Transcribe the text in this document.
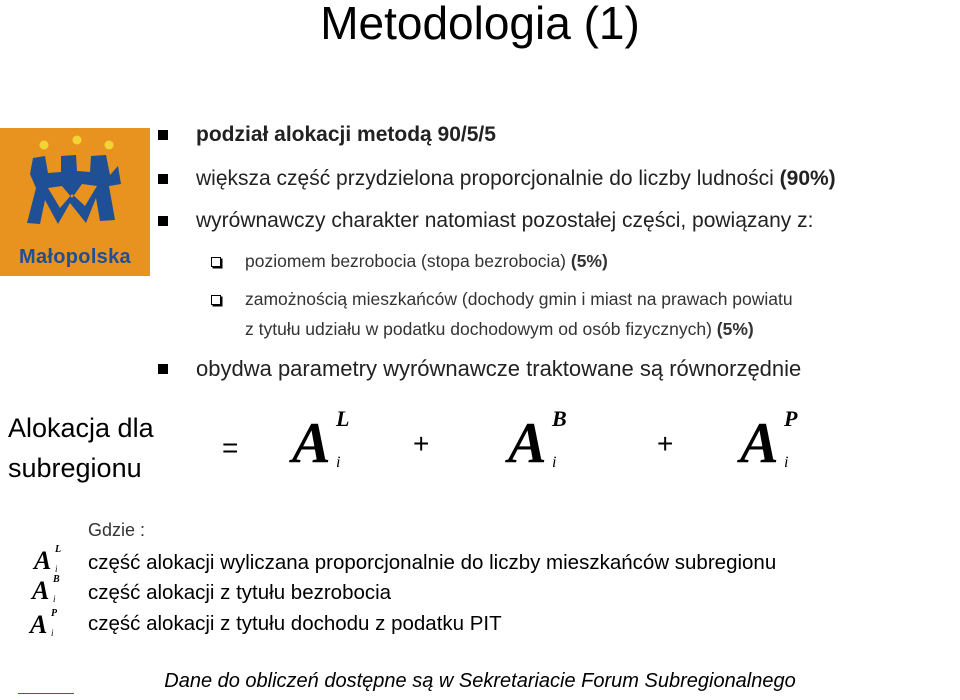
Metodologia (1)
Małopolska
podział alokacji metodą 90/5/5
większa część przydzielona proporcjonalnie do liczby ludności (90%)
wyrównawczy charakter natomiast pozostałej części, powiązany z:
poziomem bezrobocia (stopa bezrobocia) (5%)
zamożnością mieszkańców (dochody gmin i miast na prawach powiatu
z tytułu udziału w podatku dochodowym od osób fizycznych) (5%)
obydwa parametry wyrównawcze traktowane są równorzędnie
Alokacja dla
subregionu
= A L
i
+ A B
i
+ A P
i
Gdzie :
A L
i część alokacji wyliczana proporcjonalnie do liczby mieszkańców subregionu
A B
i część alokacji z tytułu bezrobocia
A P
i część alokacji z tytułu dochodu z podatku PIT
Dane do obliczeń dostępne są w Sekretariacie Forum Subregionalnego
